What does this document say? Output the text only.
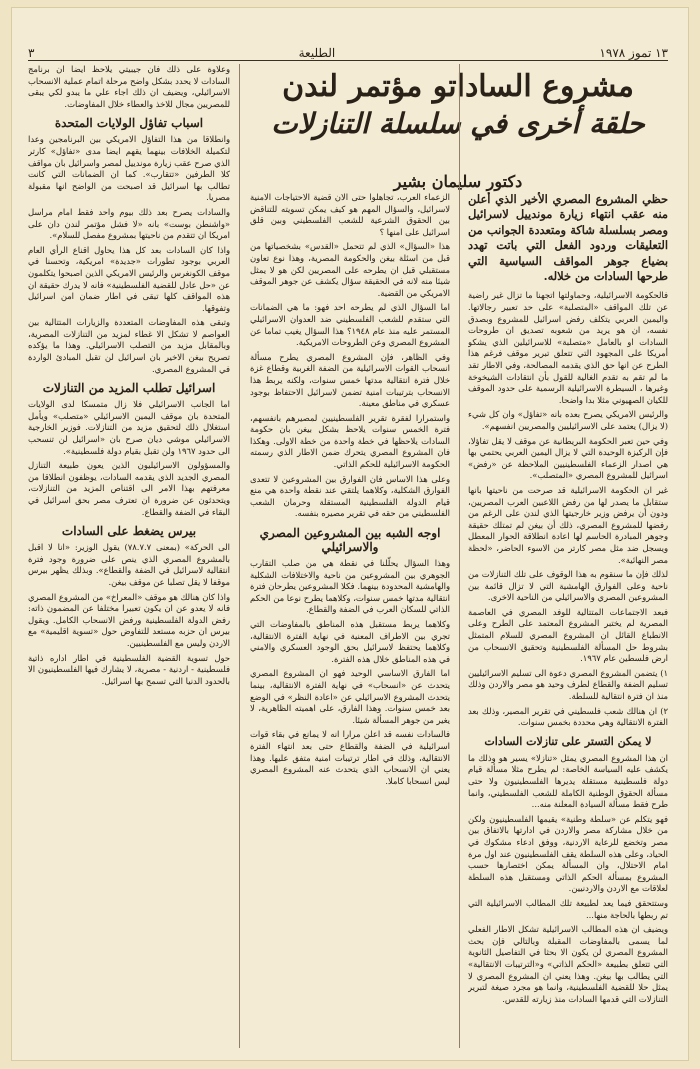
١٣ تموز ١٩٧٨
الطليعة
٣
مشروع الساداتو مؤتمر لندن
حلقة أخرى في سلسلة التنازلات
دكتور سليمان بشير

حظي المشروع المصري الأخير الذي أعلن منه عقب انتهاء زيارة موندييل لاسرائيل ومصر بسلسلة شاكة ومتعددة الجوانب من التعليقات وردود الفعل التي باتت تهدد بضياع جوهر المواقف السياسية التي طرحها السادات من خلاله.

فالحكومة الاسرائيلية، وحماولتها اتجهنا ما تزال غير راضية عن تلك المواقف «المتصلبة» على حد تعبير رجالاتها. واليمين العربي يتكلف رفض اسرائيل للمشروع وبصدق نفسه، ان هو يريد من شعوبه تصديق ان طروحات السادات او بالعامل «متصلبة» للاسرائيلين الذي يشكو أمريكا على المجهود التي تتعلق تبرير موقف فرغم هذا الطرح عن انها حق الذي يقدمه المصالحة، وفي الاطار تقد ما لم تقم به تقدم الغالية للقول بأن انتقادات الشيخوخة وغيرها ، السيطرة الاسرائيلية الرسمية على حدود الموقف للكيان الصهيوني مثلا بدا واضحا.

والرئيس الامريكي يصرح بعده بانه «تفاؤل» وان كل شيء (لا يزال) يعتمد على الاسرائيليين والمصريين انفسهم».

وفي حين تعبر الحكومة البريطانية عن موقف لا يقل تفاؤلا، فإن الركيزة الوحيدة التي لا يزال اليمين العربي يحتمي بها هي اصدار الزعماء الفلسطينيين الملاحظة عن «رفض» اسرائيل للمشروع المصري «المتصلب».

غير ان الحكومة الاسرائيلية قد صرحت من ناحيتها بانها ستقابل ما يصدر لها من رفض اللاعبين العرب المصريين، ودون أن يرفض وزير خارجيتها الذي لندن على الرغم من رفضها للمشروع المصري، ذلك أن بيغن لم تمتلك حقيقة وجوهر المبادرة الحاسم لها اعادة انطلاقة الحوار المعطل ويسجل ضد مثل مصر كارتر من الاسوء الحاضر، «لحظة مصر النهائية».

لذلك فإن ما سنقوم به هذا الوقوف على تلك التنازلات من ناحية وعلى الفوارق الهامشية التي لا تزال قائمة بين المشروعين المصري والاسرائيلي من الناحية الاخرى.

فبعد الاجتماعات المتتالية للوفد المصري في العاصمة المصرية لم يختبر المشروع المعتمد على الطرح وعلى الانطباع القائل ان المشروع المصري للسلام المتمثل بشروط حل المسألة الفلسطينية وتحقيق الانسحاب من ارض فلسطين عام ١٩٦٧.

١) يتضمن المشروع المصري دعوة الى تسليم الاسرائيليين تسليم الضفة والقطاع لطرف وحيد هو مصر والاردن وذلك منذ ان فترة انتقالية للسلطة.

٢) ان هنالك شعب فلسطيني في تقرير المصير، وذلك بعد الفترة الانتقالية وهي محددة بخمس سنوات.

لا يمكن التستر على تنازلات السادات

ان هذا المشروع المصري يمثل «تنازلا» يسير هو وذلك ما يكشف عليه السياسة الخاصة: لم يطرح مثلا مسألة قيام دولة فلسطينية مستقلة يديرها الفلسطينيون ولا حتى مسألة الحقوق الوطنية الكاملة للشعب الفلسطيني، وانما طرح فقط مسألة السيادة المعلنة منه...

فهو يتكلم عن «سلطة وطنية» يقيمها الفلسطينيون ولكن من خلال مشاركة مصر والاردن في ادارتها بالاتفاق بين مصر وتخضع للرعاية الاردنية، ووفق ادعاء مشكوك في الحياد، وعلى هذه السلطة يقف الفلسطينيون عند اول مرة امام الاحتلال، وان المسألة يمكن اختصارها حسب المشروع بمسألة الحكم الذاتي ومستقبل هذه السلطة لعلاقات مع الاردن والاردنيين.

وستتحقق فيما يعد لطبيعة تلك المطالب الاسرائيلية التي تم ربطها بالحاجة منها...

ويضيف ان هذه المطالب الاسرائيلية تشكل الاطار الفعلي لما يسمى بالمفاوضات المقبلة وبالتالي فإن بحث المشروع المصري لن يكون الا بحثا في التفاصيل الثانوية التي تتعلق بطبيعة «الحكم الذاتي» و«الترتيبات الانتقالية» التي يطالب بها بيغن. وهذا يعني ان المشروع المصري لا يمثل حلا للقضية الفلسطينية، وانما هو مجرد صيغة لتبرير التنازلات التي قدمها السادات منذ زيارته للقدس.

الزعماء العرب، تجاهلوا حتى الان قضية الاحتياجات الامنية لاسرائيل، والسؤال المهم هو كيف يمكن تسويته للتناقض بين الحقوق الشرعية للشعب الفلسطيني وبين قلق اسرائيل على امنها ؟

هذا «السؤال» الذي لم تتحمل «القدس» بشخصياتها من قبل من اسئلة بيغن والحكومة المصرية، وهذا نوع تعاون مستقبلي قبل ان يطرحه على المصريين لكن هو لا يمثل شيئا منه لانه في الحقيقة سؤال يكشف عن جوهر الموقف الامريكي من القضية.

اما السؤال الذي لم يطرحه احد فهو: ما هي الضمانات التي ستقدم للشعب الفلسطيني ضد العدوان الاسرائيلي المستمر عليه منذ عام ١٩٤٨؟ هذا السؤال يغيب تماما عن المشروع المصري وعن الطروحات الامريكية.

وفي الظاهر، فإن المشروع المصري يطرح مسألة انسحاب القوات الاسرائيلية من الضفة الغربية وقطاع غزة خلال فترة انتقالية مدتها خمس سنوات، ولكنه يربط هذا الانسحاب بترتيبات امنية تضمن لاسرائيل الاحتفاظ بوجود عسكري في مناطق معينة.

واستمرارا لفقرة تقرير الفلسطينيين لمصيرهم بانفسهم، فترة الخمس سنوات يلاحظ بشكل بيغن بان حكومة السادات يلاحظها في خطة واحدة من خطة الاولى. وهكذا فان المشروع المصري يتحرك ضمن الاطار الذي رسمته الحكومة الاسرائيلية للحكم الذاتي.

وعلى هذا الاساس فان الفوارق بين المشروعين لا تتعدى الفوارق الشكلية، وكلاهما يلتقي عند نقطة واحدة هي منع قيام الدولة الفلسطينية المستقلة وحرمان الشعب الفلسطيني من حقه في تقرير مصيره بنفسه.

اوجه الشبه بين المشروعين المصري والاسرائيلي

وهذا السؤال يحلّلنا في نقطة هي من صلب التقارب الجوهري بين المشروعين من ناحية والاختلافات الشكلية والهامشية المحدودة بينهما. فكلا المشروعين يطرحان فترة انتقالية مدتها خمس سنوات، وكلاهما يطرح نوعا من الحكم الذاتي للسكان العرب في الضفة والقطاع.

وكلاهما يربط مستقبل هذه المناطق بالمفاوضات التي تجري بين الاطراف المعنية في نهاية الفترة الانتقالية، وكلاهما يحتفظ لاسرائيل بحق الوجود العسكري والامني في هذه المناطق خلال هذه الفترة.

اما الفارق الاساسي الوحيد فهو ان المشروع المصري يتحدث عن «انسحاب» في نهاية الفترة الانتقالية، بينما يتحدث المشروع الاسرائيلي عن «اعادة النظر» في الوضع بعد خمس سنوات. وهذا الفارق، على اهميته الظاهرية، لا يغير من جوهر المسألة شيئا.

فالسادات نفسه قد اعلن مرارا انه لا يمانع في بقاء قوات اسرائيلية في الضفة والقطاع حتى بعد انتهاء الفترة الانتقالية، وذلك في اطار ترتيبات امنية متفق عليها. وهذا يعني ان الانسحاب الذي يتحدث عنه المشروع المصري ليس انسحابا كاملا.

وعلاوة على ذلك فان جيبيتي يلاحظ ايضا ان برنامج السادات لا يحدد بشكل واضح مرحلة اتمام عملية الانسحاب الاسرائيلي، ويضيف ان ذلك اجاء علي ما يبدو لكي يبقى للمصريين مجال للاخذ والعطاء خلال المفاوضات.

اسباب تفاؤل الولايات المتحدة

وانطلاقا من هذا التفاؤل الامريكي بين البرنامجين وعدا لتكميلة الخلافات بينهما يقهم ايضا مدى «تفاؤل» كارتر الذي صرح عقب زيارة موندييل لمصر واسرائيل بان مواقف كلا الطرفين «تتقارب». كما ان الضمانات التي كانت تطالب بها اسرائيل قد اصبحت من الواضح انها مقبولة مصريا.

والسادات يصرح بعد ذلك بيوم واحد فقط امام مراسل «واشنطن بوست» بانه «لا فشل مؤتمر لندن دان على امريكا ان تتقدم من ناحيتها بمشروع مفصل للسلام».

واذا كان السادات بعد كل هذا يحاول اقناع الرأي العام العربي بوجود تطورات «جديدة» امريكية، وتحسنا في موقف الكونغرس والرئيس الامريكي الذين اصبحوا يتكلمون عن «حل عادل للقضية الفلسطينية» فانه لا يدرك حقيقة ان هذه المواقف كلها تبقى في اطار ضمان امن اسرائيل وتفوقها.

وتبقى هذه المفاوضات المتعددة والزيارات المتتالية بين العواصم لا تشكل الا غطاء لمزيد من التنازلات المصرية، وبالمقابل مزيد من التصلب الاسرائيلي. وهذا ما يؤكده تصريح بيغن الاخير بان اسرائيل لن تقبل المبادئ الواردة في المشروع المصري.

اسرائيل تطلب المزيد من التنازلات

اما الجانب الاسرائيلي فلا زال متمسكا لدى الولايات المتحدة بان موقف اليمين الاسرائيلي «متصلب» ويأمل استغلال ذلك لتحقيق مزيد من التنازلات. فوزير الخارجية الاسرائيلي موشي ديان صرح بان «اسرائيل لن تنسحب الى حدود ١٩٦٧ ولن تقبل بقيام دولة فلسطينية».

والمسؤولون الاسرائيليون الذين يعون طبيعة التنازل المصري الجديد الذي يقدمه السادات، يوظفون انطلاقا من معرفتهم بهذا الامر الى اقتناص المزيد من التنازلات، ويتحدثون عن ضرورة ان تعترف مصر بحق اسرائيل في البقاء في الضفة والقطاع.

بيرس يضغط على السادات

الى الحركة» (بمعنى ٧٨.٧.٧) يقول الوزير: «انا لا اقبل بالمشروع المصري الذي ينص على ضرورة وجود فترة انتقالية لاسرائيل في الضفة والقطاع». وبذلك يظهر بيرس موقفا لا يقل تصلبا عن موقف بيغن.

واذا كان هنالك هو موقف «المعراخ» من المشروع المصري فانه لا يعدو عن ان يكون تعبيرا مختلفا عن المضمون ذاته: رفض الدولة الفلسطينية ورفض الانسحاب الكامل. ويقول بيرس ان حزبه مستعد للتفاوض حول «تسوية اقليمية» مع الاردن وليس مع الفلسطينيين.

حول تسوية القضية الفلسطينية في اطار اداره ذاتية فلسطينية - اردنية - مصرية، لا يشارك فيها الفلسطينيون الا بالحدود الدنيا التي تسمح بها اسرائيل.
